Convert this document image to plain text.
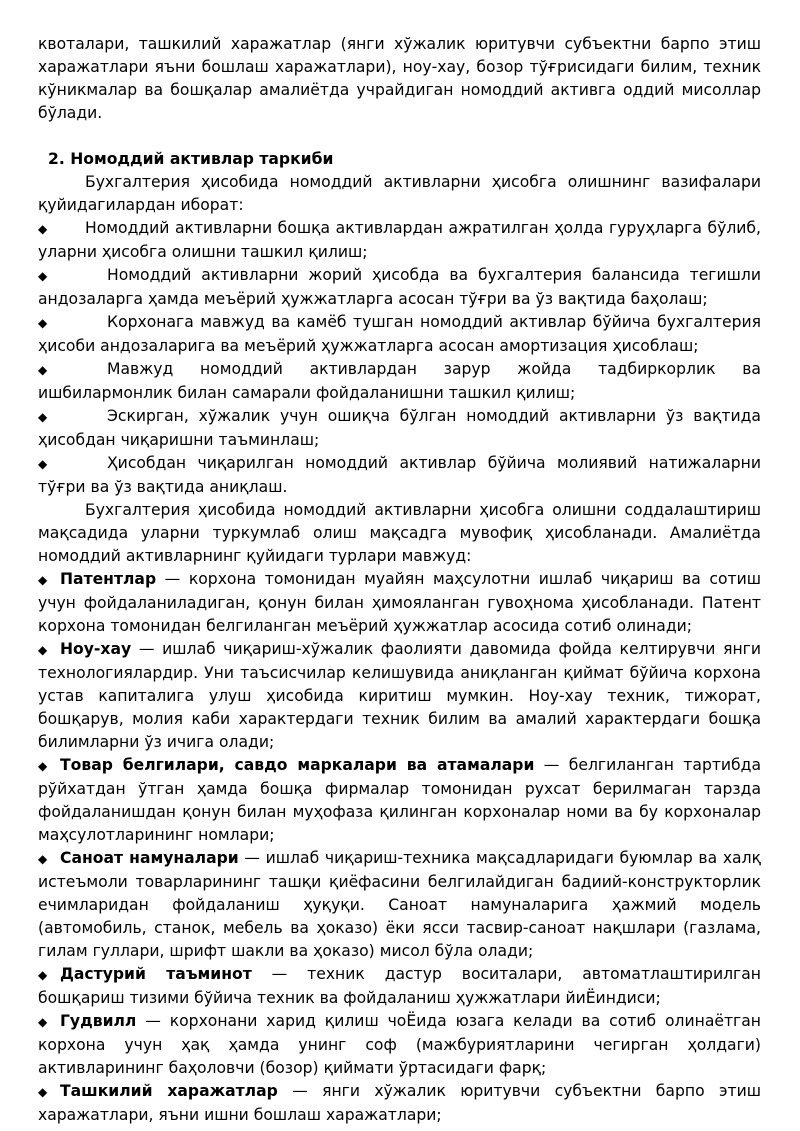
квоталари, ташкилий харажатлар (янги хўжалик юритувчи субъектни барпо этиш харажатлари яъни бошлаш харажатлари), ноу-хау, бозор тўғрисидаги билим, техник кўникмалар ва бошқалар амалиётда учрайдиган номоддий активга оддий мисоллар бўлади.

2. Номоддий активлар таркиби

Бухгалтерия ҳисобида номоддий активларни ҳисобга олишнинг вазифалари қуйидагилардан иборат:

◆ Номоддий активларни бошқа активлардан ажратилган ҳолда гуруҳларга бўлиб, уларни ҳисобга олишни ташкил қилиш;

◆	Номоддий активларни жорий ҳисобда ва бухгалтерия балансида тегишли андозаларга ҳамда меъёрий ҳужжатларга асосан тўғри ва ўз вақтида баҳолаш;

◆	Корхонага мавжуд ва камёб тушган номоддий активлар бўйича бухгалтерия ҳисоби андозаларига ва меъёрий ҳужжатларга асосан амортизация ҳисоблаш;

◆	Мавжуд номоддий активлардан зарур жойда тадбиркорлик ва ишбилармонлик билан самарали фойдаланишни ташкил қилиш;

◆	Эскирган, хўжалик учун ошиқча бўлган номоддий активларни ўз вақтида ҳисобдан чиқаришни таъминлаш;

◆	Ҳисобдан чиқарилган номоддий активлар бўйича молиявий натижаларни тўғри ва ўз вақтида аниқлаш.

Бухгалтерия ҳисобида номоддий активларни ҳисобга олишни соддалаштириш мақсадида уларни туркумлаб олиш мақсадга мувофиқ ҳисобланади. Амалиётда номоддий активларнинг қуйидаги турлари мавжуд:

◆ Патентлар — корхона томонидан муайян маҳсулотни ишлаб чиқариш ва сотиш учун фойдаланиладиган, қонун билан ҳимояланган гувоҳнома ҳисобланади. Патент корхона томонидан белгиланган меъёрий ҳужжатлар асосида сотиб олинади;

◆ Ноу-хау — ишлаб чиқариш-хўжалик фаолияти давомида фойда келтирувчи янги технологиялардир. Уни таъсисчилар келишувида аниқланган қиймат бўйича корхона устав капиталига улуш ҳисобида киритиш мумкин. Ноу-хау техник, тижорат, бошқарув, молия каби характердаги техник билим ва амалий характердаги бошқа билимларни ўз ичига олади;

◆ Товар белгилари, савдо маркалари ва атамалари — белгиланган тартибда рўйхатдан ўтган ҳамда бошқа фирмалар томонидан рухсат берилмаган тарзда фойдаланишдан қонун билан муҳофаза қилинган корхоналар номи ва бу корхоналар маҳсулотларининг номлари;

◆ Саноат намуналари — ишлаб чиқариш-техника мақсадларидаги буюмлар ва халқ истеъмоли товарларининг ташқи қиёфасини белгилайдиган бадиий-конструкторлик ечимларидан фойдаланиш ҳуқуқи. Саноат намуналарига ҳажмий модель (автомобиль, станок, мебель ва ҳоказо) ёки ясси тасвир-саноат нақшлари (газлама, гилам гуллари, шрифт шакли ва ҳоказо) мисол бўла олади;

◆ Дастурий таъминот — техник дастур воситалари, автоматлаштирилган бошқариш тизими бўйича техник ва фойдаланиш ҳужжатлари йиЁиндиси;

◆ Гудвилл — корхонани харид қилиш чоЁида юзага келади ва сотиб олинаётган корхона учун ҳақ ҳамда унинг соф (мажбуриятларини чегирган ҳолдаги) активларининг баҳоловчи (бозор) қиймати ўртасидаги фарқ;

◆ Ташкилий харажатлар — янги хўжалик юритувчи субъектни барпо этиш харажатлари, яъни ишни бошлаш харажатлари;
